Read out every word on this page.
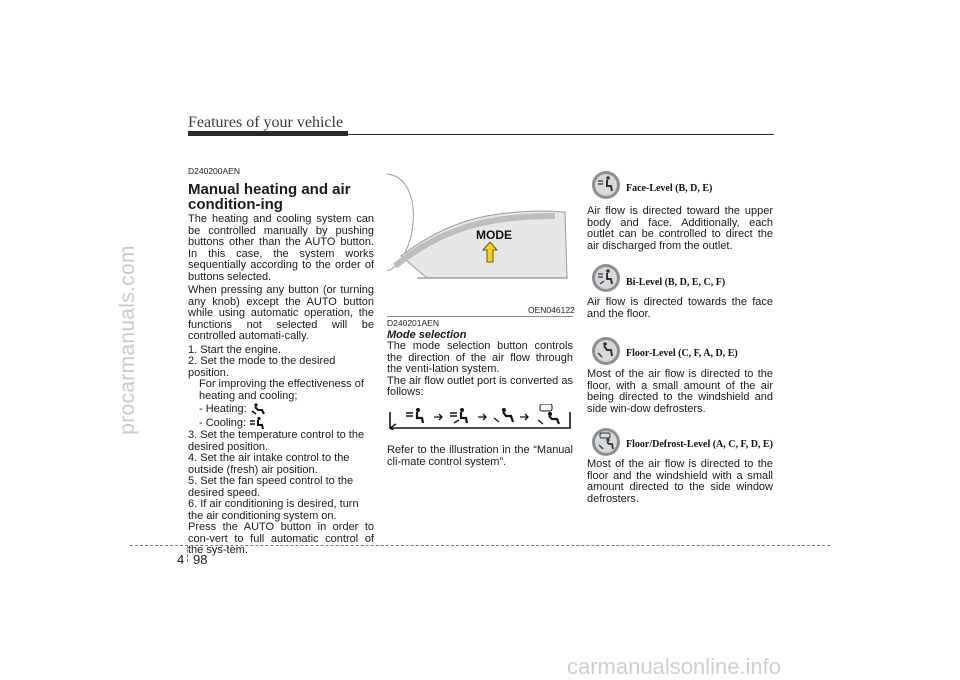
procarmanuals.com
Features of your vehicle

D240200AEN

Manual heating and air condition-ing

The heating and cooling system can be controlled manually by pushing buttons other than the AUTO button. In this case, the system works sequentially according to the order of buttons selected.

When pressing any button (or turning any knob) except the AUTO button while using automatic operation, the functions not selected will be controlled automati-cally.

1. Start the engine.

2. Set the mode to the desired position.

For improving the effectiveness of heating and cooling;

- Heating:

- Cooling:

3. Set the temperature control to the desired position.

4. Set the air intake control to the outside (fresh) air position.

5. Set the fan speed control to the desired speed.

6. If air conditioning is desired, turn the air conditioning system on.

Press the AUTO button in order to con-vert to full automatic control of the sys-tem.

MODE
OEN046122

D240201AEN

Mode selection

The mode selection button controls the direction of the air flow through the venti-lation system.

The air flow outlet port is converted as follows:

Refer to the illustration in the “Manual cli-mate control system”.

Face-Level (B, D, E)
Air flow is directed toward the upper body and face. Additionally, each outlet can be controlled to direct the air discharged from the outlet.
Bi-Level (B, D, E, C, F)
Air flow is directed towards the face and the floor.
Floor-Level (C, F, A, D, E)
Most of the air flow is directed to the floor, with a small amount of the air being directed to the windshield and side win-dow defrosters.
Floor/Defrost-Level (A, C, F, D, E)
Most of the air flow is directed to the floor and the windshield with a small amount directed to the side window defrosters.
4 98
carmanualsonline.info
